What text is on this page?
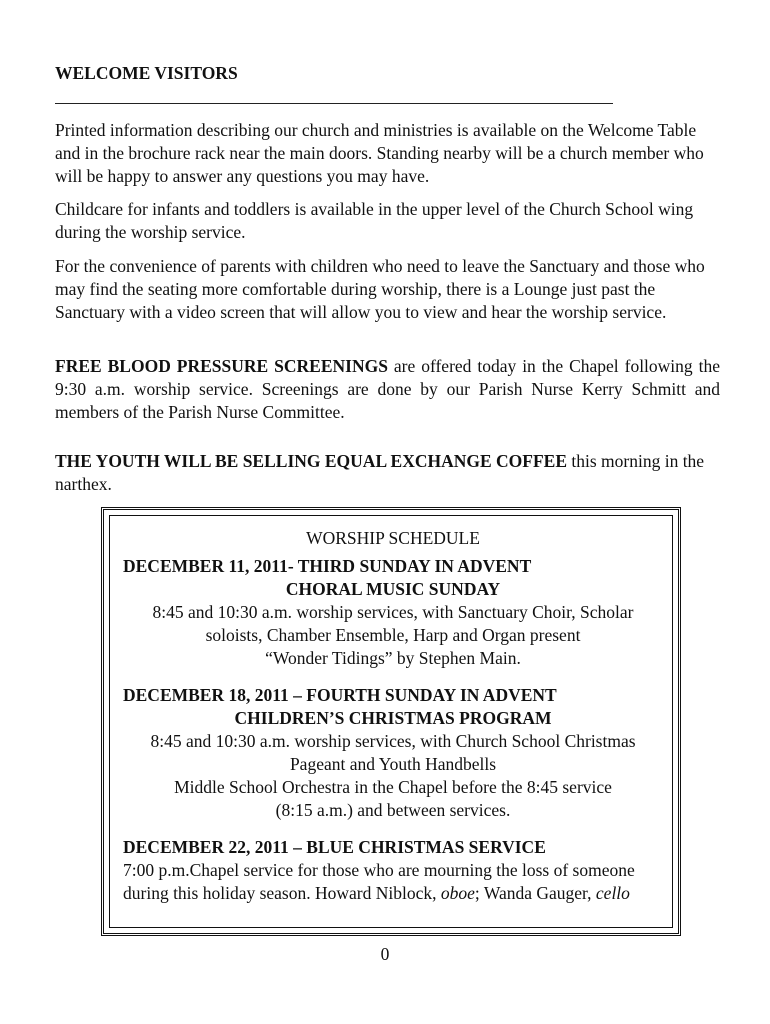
WELCOME VISITORS

Printed information describing our church and ministries is available on the Welcome Table and in the brochure rack near the main doors. Standing nearby will be a church member who will be happy to answer any questions you may have.

Childcare for infants and toddlers is available in the upper level of the Church School wing during the worship service.

For the convenience of parents with children who need to leave the Sanctuary and those who may find the seating more comfortable during worship, there is a Lounge just past the Sanctuary with a video screen that will allow you to view and hear the worship service.

FREE BLOOD PRESSURE SCREENINGS are offered today in the Chapel following the 9:30 a.m. worship service. Screenings are done by our Parish Nurse Kerry Schmitt and members of the Parish Nurse Committee.

THE YOUTH WILL BE SELLING EQUAL EXCHANGE COFFEE this morning in the narthex.

WORSHIP SCHEDULE
DECEMBER 11, 2011- THIRD SUNDAY IN ADVENT
CHORAL MUSIC SUNDAY
8:45 and 10:30 a.m. worship services, with Sanctuary Choir, Scholar
soloists, Chamber Ensemble, Harp and Organ present
“Wonder Tidings” by Stephen Main.
DECEMBER 18, 2011 – FOURTH SUNDAY IN ADVENT
CHILDREN’S CHRISTMAS PROGRAM
8:45 and 10:30 a.m. worship services, with Church School Christmas
Pageant and Youth Handbells
Middle School Orchestra in the Chapel before the 8:45 service
(8:15 a.m.) and between services.
DECEMBER 22, 2011 – BLUE CHRISTMAS SERVICE
7:00 p.m.Chapel service for those who are mourning the loss of someone
during this holiday season. Howard Niblock, oboe; Wanda Gauger, cello
0
